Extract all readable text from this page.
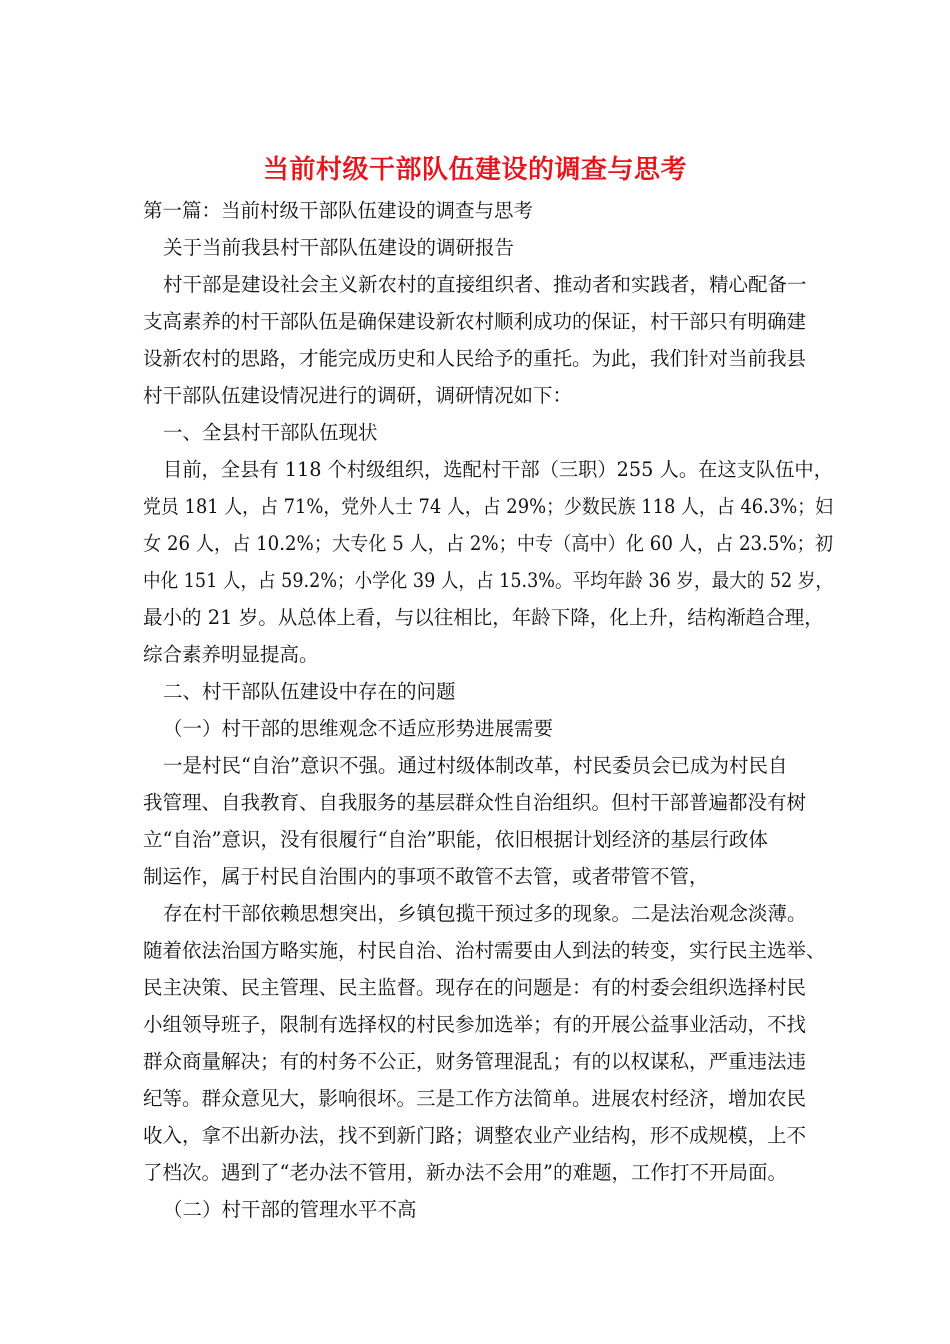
当前村级干部队伍建设的调查与思考
第一篇：当前村级干部队伍建设的调查与思考
关于当前我县村干部队伍建设的调研报告
村干部是建设社会主义新农村的直接组织者、推动者和实践者，精心配备一
支高素养的村干部队伍是确保建设新农村顺利成功的保证，村干部只有明确建
设新农村的思路，才能完成历史和人民给予的重托。为此，我们针对当前我县
村干部队伍建设情况进行的调研，调研情况如下：
一、全县村干部队伍现状
目前，全县有 118 个村级组织，选配村干部（三职）255 人。在这支队伍中，
党员 181 人，占 71%，党外人士 74 人，占 29%；少数民族 118 人，占 46.3%；妇
女 26 人，占 10.2%；大专化 5 人，占 2%；中专（高中）化 60 人，占 23.5%；初
中化 151 人，占 59.2%；小学化 39 人，占 15.3%。平均年龄 36 岁，最大的 52 岁，
最小的 21 岁。从总体上看，与以往相比，年龄下降，化上升，结构渐趋合理，
综合素养明显提高。
二、村干部队伍建设中存在的问题
（一）村干部的思维观念不适应形势进展需要
一是村民“自治”意识不强。通过村级体制改革，村民委员会已成为村民自
我管理、自我教育、自我服务的基层群众性自治组织。但村干部普遍都没有树
立“自治”意识，没有很履行“自治”职能，依旧根据计划经济的基层行政体
制运作，属于村民自治围内的事项不敢管不去管，或者带管不管，
存在村干部依赖思想突出，乡镇包揽干预过多的现象。二是法治观念淡薄。
随着依法治国方略实施，村民自治、治村需要由人到法的转变，实行民主选举、
民主决策、民主管理、民主监督。现存在的问题是：有的村委会组织选择村民
小组领导班子，限制有选择权的村民参加选举；有的开展公益事业活动，不找
群众商量解决；有的村务不公正，财务管理混乱；有的以权谋私，严重违法违
纪等。群众意见大，影响很坏。三是工作方法简单。进展农村经济，增加农民
收入，拿不出新办法，找不到新门路；调整农业产业结构，形不成规模，上不
了档次。遇到了“老办法不管用，新办法不会用”的难题，工作打不开局面。
（二）村干部的管理水平不高
